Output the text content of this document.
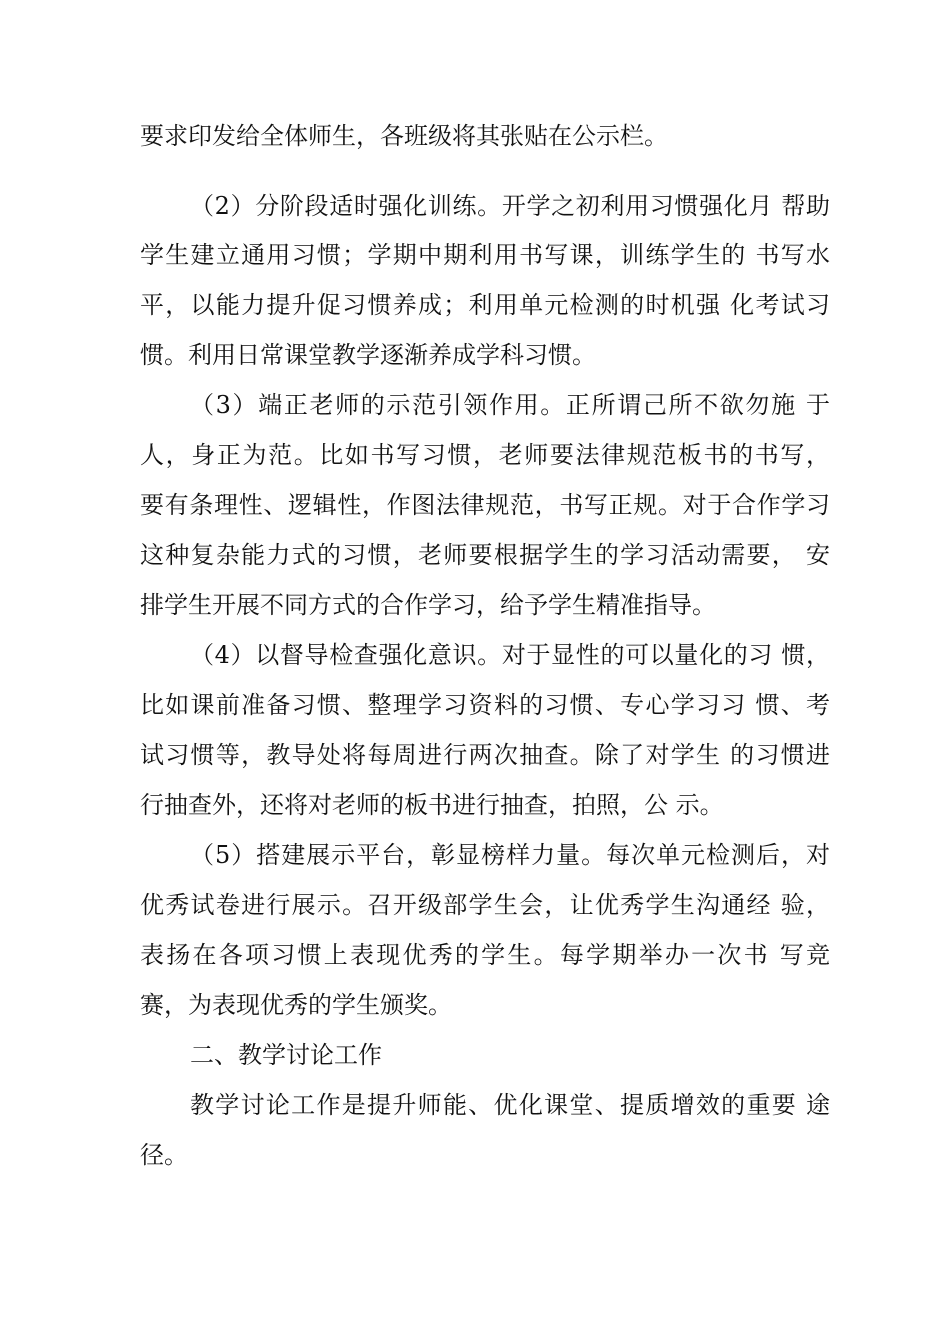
要求印发给全体师生，各班级将其张贴在公示栏。
（2）分阶段适时强化训练。开学之初利用习惯强化月 帮助
学生建立通用习惯；学期中期利用书写课，训练学生的 书写水
平，以能力提升促习惯养成；利用单元检测的时机强 化考试习
惯。利用日常课堂教学逐渐养成学科习惯。
（3）端正老师的示范引领作用。正所谓己所不欲勿施 于
人，身正为范。比如书写习惯，老师要法律规范板书的书写，
要有条理性、逻辑性，作图法律规范，书写正规。对于合作学习
这种复杂能力式的习惯，老师要根据学生的学习活动需要， 安
排学生开展不同方式的合作学习，给予学生精准指导。
（4）以督导检查强化意识。对于显性的可以量化的习 惯，
比如课前准备习惯、整理学习资料的习惯、专心学习习 惯、考
试习惯等，教导处将每周进行两次抽查。除了对学生 的习惯进
行抽查外，还将对老师的板书进行抽查，拍照，公 示。
（5）搭建展示平台，彰显榜样力量。每次单元检测后，对
优秀试卷进行展示。召开级部学生会，让优秀学生沟通经 验，
表扬在各项习惯上表现优秀的学生。每学期举办一次书 写竞
赛，为表现优秀的学生颁奖。
二、教学讨论工作
教学讨论工作是提升师能、优化课堂、提质增效的重要 途
径。
